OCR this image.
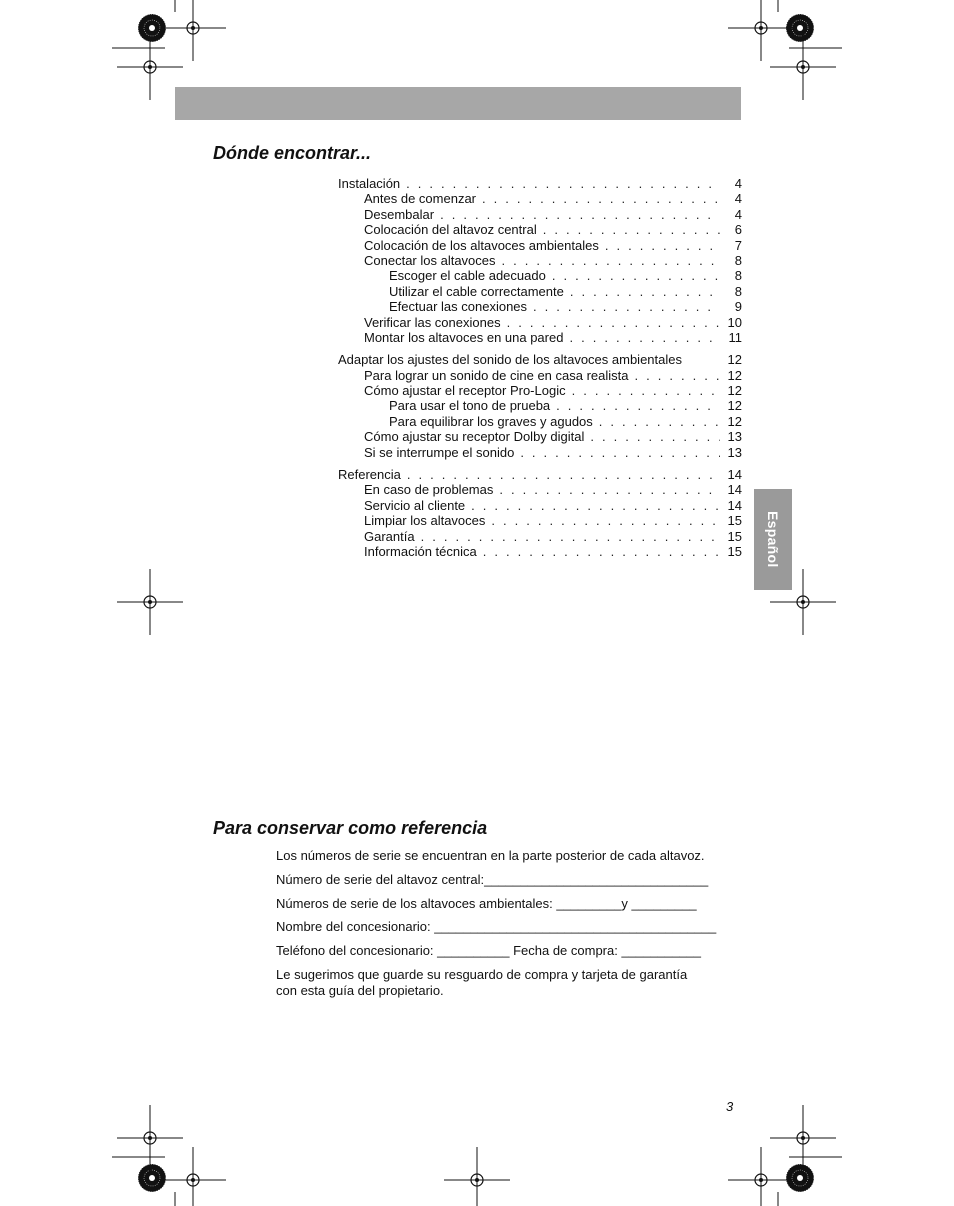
Español
Dónde encontrar...
Instalación . . .	4
Antes de comenzar . . .	4
Desembalar . . .	4
Colocación del altavoz central . . .	6
Colocación de los altavoces ambientales . . .	7
Conectar los altavoces . . .	8
Escoger el cable adecuado . . .	8
Utilizar el cable correctamente . . .	8
Efectuar las conexiones . . .	9
Verificar las conexiones . . .	10
Montar los altavoces en una pared . . .	11
Adaptar los ajustes del sonido de los altavoces ambientales	12
Para lograr un sonido de cine en casa realista . . .	12
Cómo ajustar el receptor Pro-Logic . . .	12
Para usar el tono de prueba . . .	12
Para equilibrar los graves y agudos . . .	12
Cómo ajustar su receptor Dolby digital . . .	13
Si se interrumpe el sonido . . .	13
Referencia . . .	14
En caso de problemas . . .	14
Servicio al cliente . . .	14
Limpiar los altavoces . . .	15
Garantía . . .	15
Información técnica . . .	15
Para conservar como referencia
Los números de serie se encuentran en la parte posterior de cada altavoz.
Número de serie del altavoz central:_______________________________
Números de serie de los altavoces ambientales: _________y _________
Nombre del concesionario: _______________________________________
Teléfono del concesionario: __________ Fecha de compra: ___________
Le sugerimos que guarde su resguardo de compra y tarjeta de garantía
con esta guía del propietario.
3
